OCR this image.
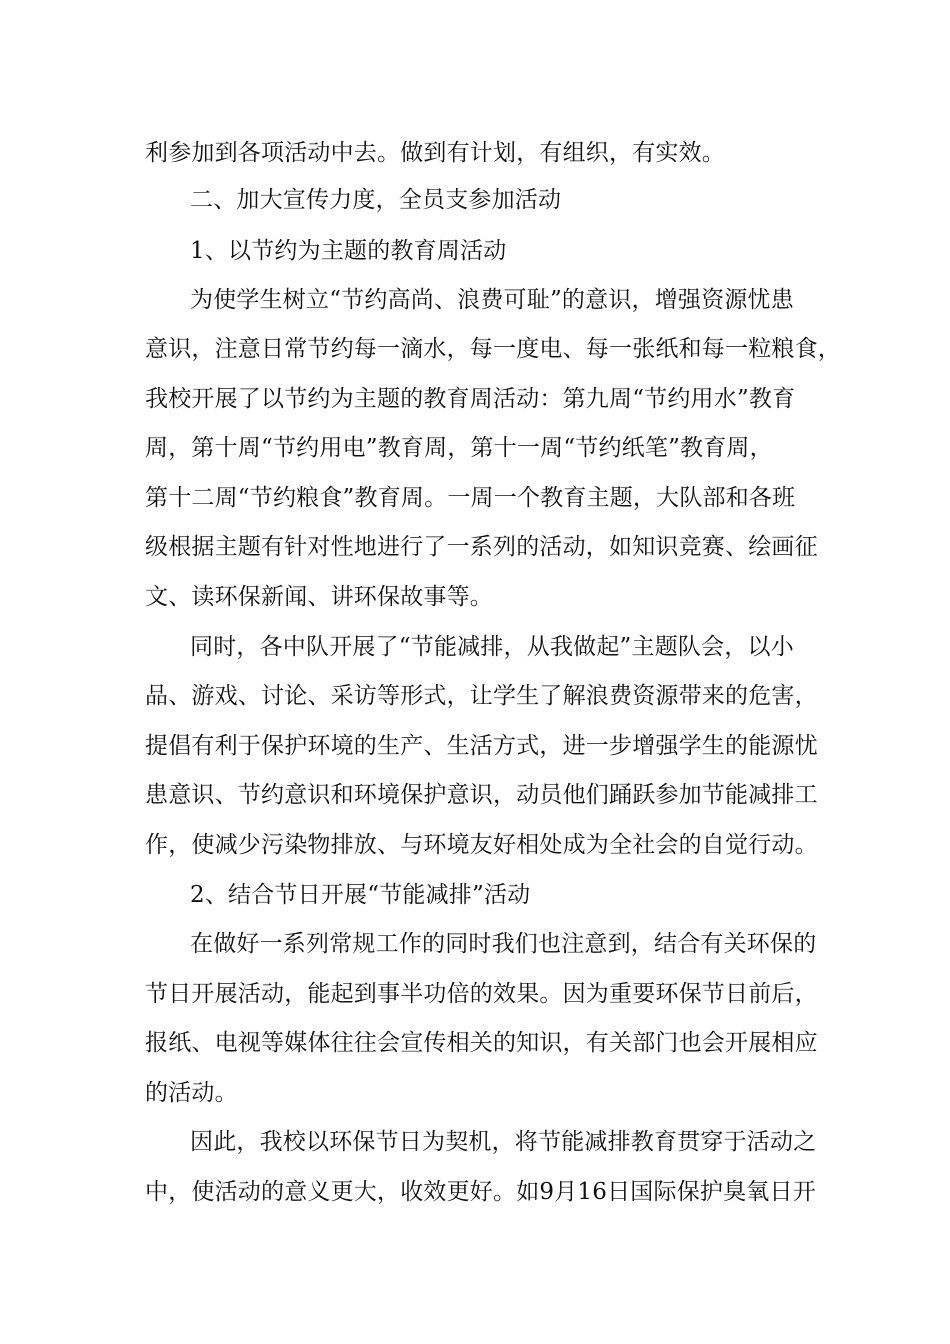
利参加到各项活动中去。做到有计划，有组织，有实效。
二、加大宣传力度，全员支参加活动
1、以节约为主题的教育周活动
为使学生树立“节约高尚、浪费可耻”的意识，增强资源忧患
意识，注意日常节约每一滴水，每一度电、每一张纸和每一粒粮食，
我校开展了以节约为主题的教育周活动：第九周“节约用水”教育
周，第十周“节约用电”教育周，第十一周“节约纸笔”教育周，
第十二周“节约粮食”教育周。一周一个教育主题，大队部和各班
级根据主题有针对性地进行了一系列的活动，如知识竞赛、绘画征
文、读环保新闻、讲环保故事等。
同时，各中队开展了“节能减排，从我做起”主题队会，以小
品、游戏、讨论、采访等形式，让学生了解浪费资源带来的危害，
提倡有利于保护环境的生产、生活方式，进一步增强学生的能源忧
患意识、节约意识和环境保护意识，动员他们踊跃参加节能减排工
作，使减少污染物排放、与环境友好相处成为全社会的自觉行动。
2、结合节日开展“节能减排”活动
在做好一系列常规工作的同时我们也注意到，结合有关环保的
节日开展活动，能起到事半功倍的效果。因为重要环保节日前后，
报纸、电视等媒体往往会宣传相关的知识，有关部门也会开展相应
的活动。
因此，我校以环保节日为契机，将节能减排教育贯穿于活动之
中，使活动的意义更大，收效更好。如9月16日国际保护臭氧日开
